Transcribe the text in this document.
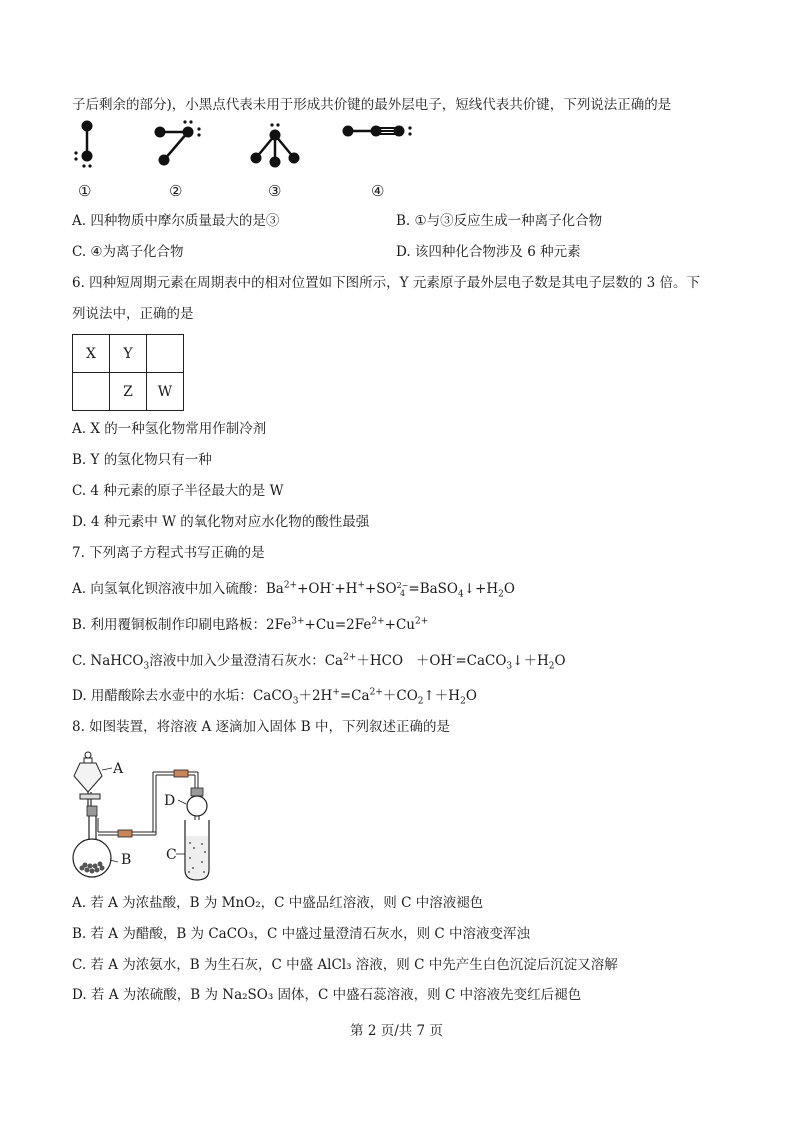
子后剩余的部分)，小黑点代表未用于形成共价键的最外层电子，短线代表共价键，下列说法正确的是
①	②	③	④
A. 四种物质中摩尔质量最大的是③	B. ①与③反应生成一种离子化合物
C. ④为离子化合物	D. 该四种化合物涉及 6 种元素
6. 四种短周期元素在周期表中的相对位置如下图所示，Y 元素原子最外层电子数是其电子层数的 3 倍。下
列说法中，正确的是
X	Y	
	Z	W
A. X 的一种氢化物常用作制冷剂
B. Y 的氢化物只有一种
C. 4 种元素的原子半径最大的是 W
D. 4 种元素中 W 的氧化物对应水化物的酸性最强
7. 下列离子方程式书写正确的是
A. 向氢氧化钡溶液中加入硫酸：$Ba^{2+}+OH^-+H^++SO2-$
$4 =BaSO_4↓+H_2O$
B. 利用覆铜板制作印刷电路板：$2Fe^{3+}+Cu=2Fe^{2+}+Cu^{2+}$
C. NaHCO$_3$溶液中加入少量澄清石灰水：$Ca^{2+}+HCO$   $+OH^-=CaCO_3↓+H_2O$
D. 用醋酸除去水壶中的水垢：$CaCO_3+2H^+=Ca^{2+}+CO_2↑+H_2O$
8. 如图装置，将溶液 A 逐滴加入固体 B 中，下列叙述正确的是
A
B C
D
A. 若 A 为浓盐酸，B 为 MnO₂，C 中盛品红溶液，则 C 中溶液褪色
B. 若 A 为醋酸，B 为 CaCO₃，C 中盛过量澄清石灰水，则 C 中溶液变浑浊
C. 若 A 为浓氨水，B 为生石灰，C 中盛 AlCl₃ 溶液，则 C 中先产生白色沉淀后沉淀又溶解
D. 若 A 为浓硫酸，B 为 Na₂SO₃ 固体，C 中盛石蕊溶液，则 C 中溶液先变红后褪色
第 2 页/共 7 页
